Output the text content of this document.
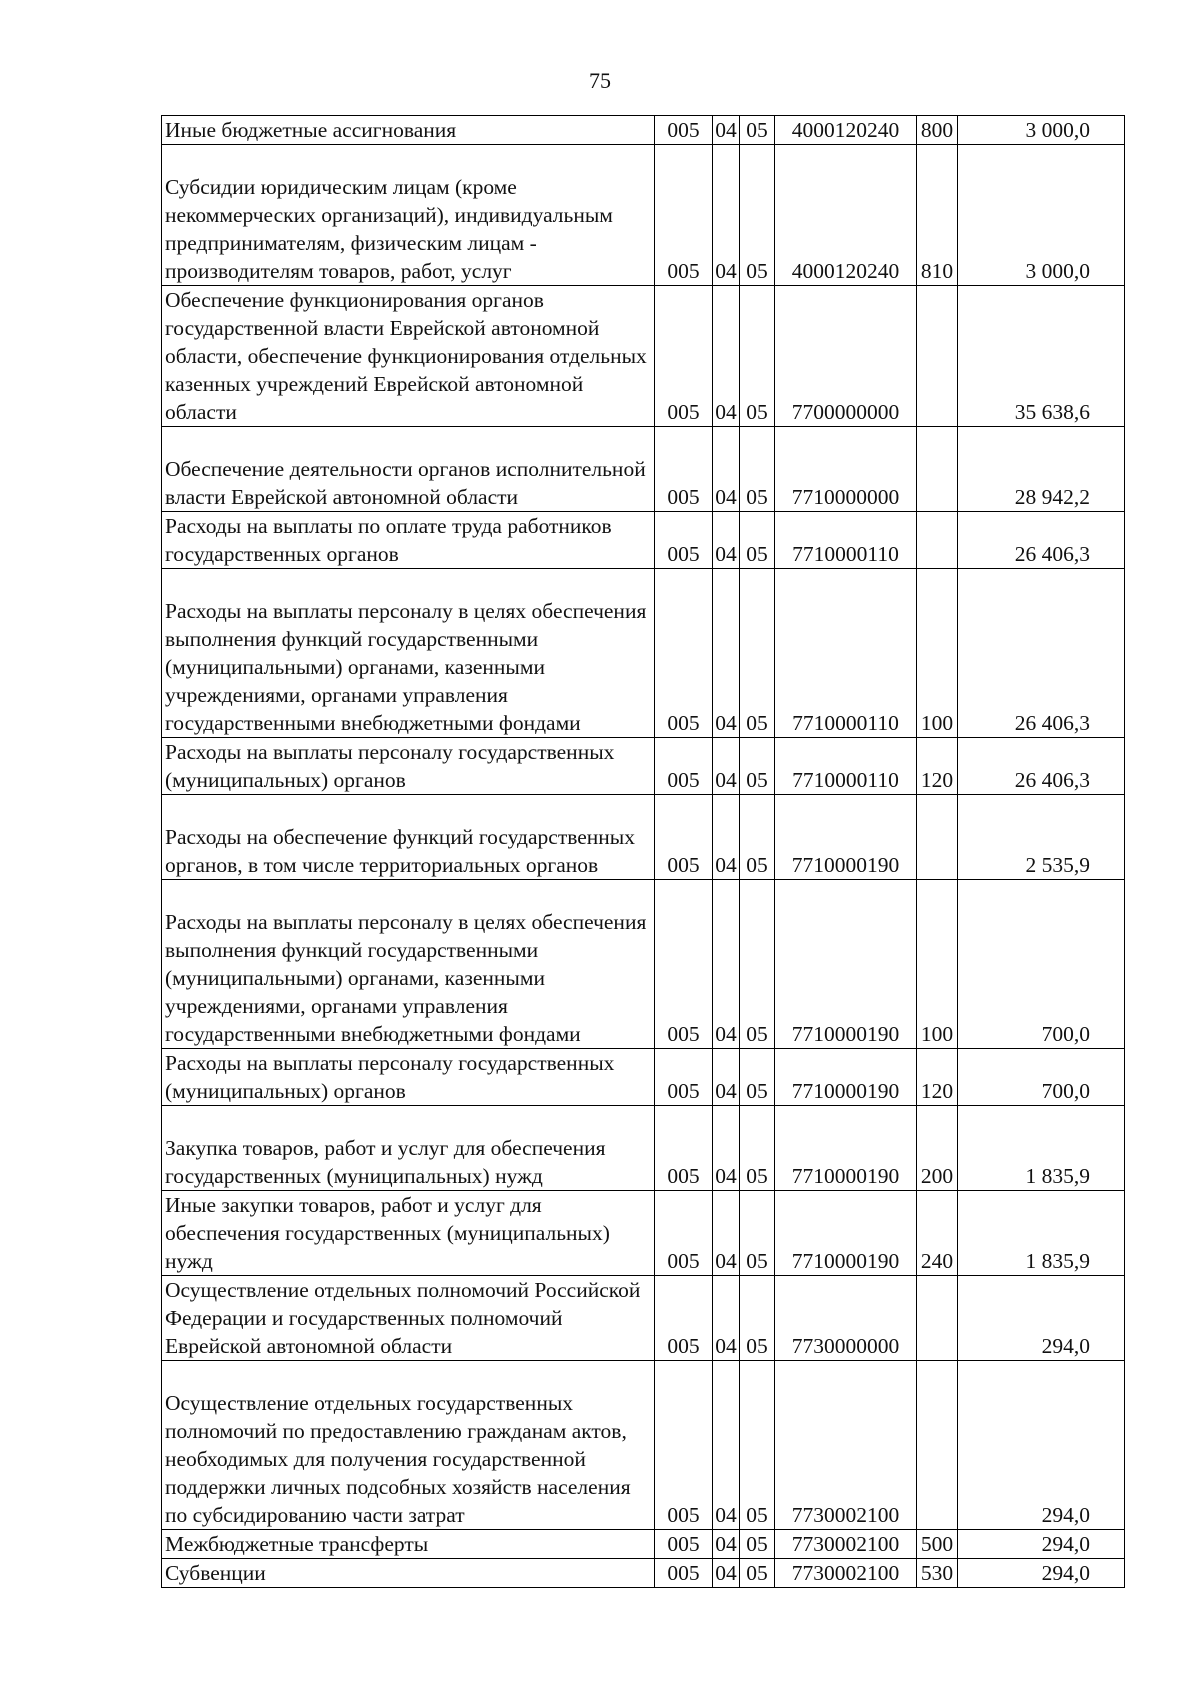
75
Иные бюджетные ассигнования	005	04	05	4000120240	800	3 000,0
Субсидии юридическим лицам (кроме некоммерческих организаций), индивидуальным предпринимателям, физическим лицам - производителям товаров, работ, услуг	005	04	05	4000120240	810	3 000,0
Обеспечение функционирования органов государственной власти Еврейской автономной области, обеспечение функционирования отдельных казенных учреждений Еврейской автономной области	005	04	05	7700000000		35 638,6
Обеспечение деятельности органов исполнительной власти Еврейской автономной области	005	04	05	7710000000		28 942,2
Расходы на выплаты по оплате труда работников государственных органов	005	04	05	7710000110		26 406,3
Расходы на выплаты персоналу в целях обеспечения выполнения функций государственными (муниципальными) органами, казенными учреждениями, органами управления государственными внебюджетными фондами	005	04	05	7710000110	100	26 406,3
Расходы на выплаты персоналу государственных (муниципальных) органов	005	04	05	7710000110	120	26 406,3
Расходы на обеспечение функций государственных органов, в том числе территориальных органов	005	04	05	7710000190		2 535,9
Расходы на выплаты персоналу в целях обеспечения выполнения функций государственными (муниципальными) органами, казенными учреждениями, органами управления государственными внебюджетными фондами	005	04	05	7710000190	100	700,0
Расходы на выплаты персоналу государственных (муниципальных) органов	005	04	05	7710000190	120	700,0
Закупка товаров, работ и услуг для обеспечения государственных (муниципальных) нужд	005	04	05	7710000190	200	1 835,9
Иные закупки товаров, работ и услуг для обеспечения государственных (муниципальных) нужд	005	04	05	7710000190	240	1 835,9
Осуществление отдельных полномочий Российской Федерации и государственных полномочий Еврейской автономной области	005	04	05	7730000000		294,0
Осуществление отдельных государственных полномочий по предоставлению гражданам актов, необходимых для получения государственной поддержки личных подсобных хозяйств населения по субсидированию части затрат	005	04	05	7730002100		294,0
Межбюджетные трансферты	005	04	05	7730002100	500	294,0
Субвенции	005	04	05	7730002100	530	294,0
